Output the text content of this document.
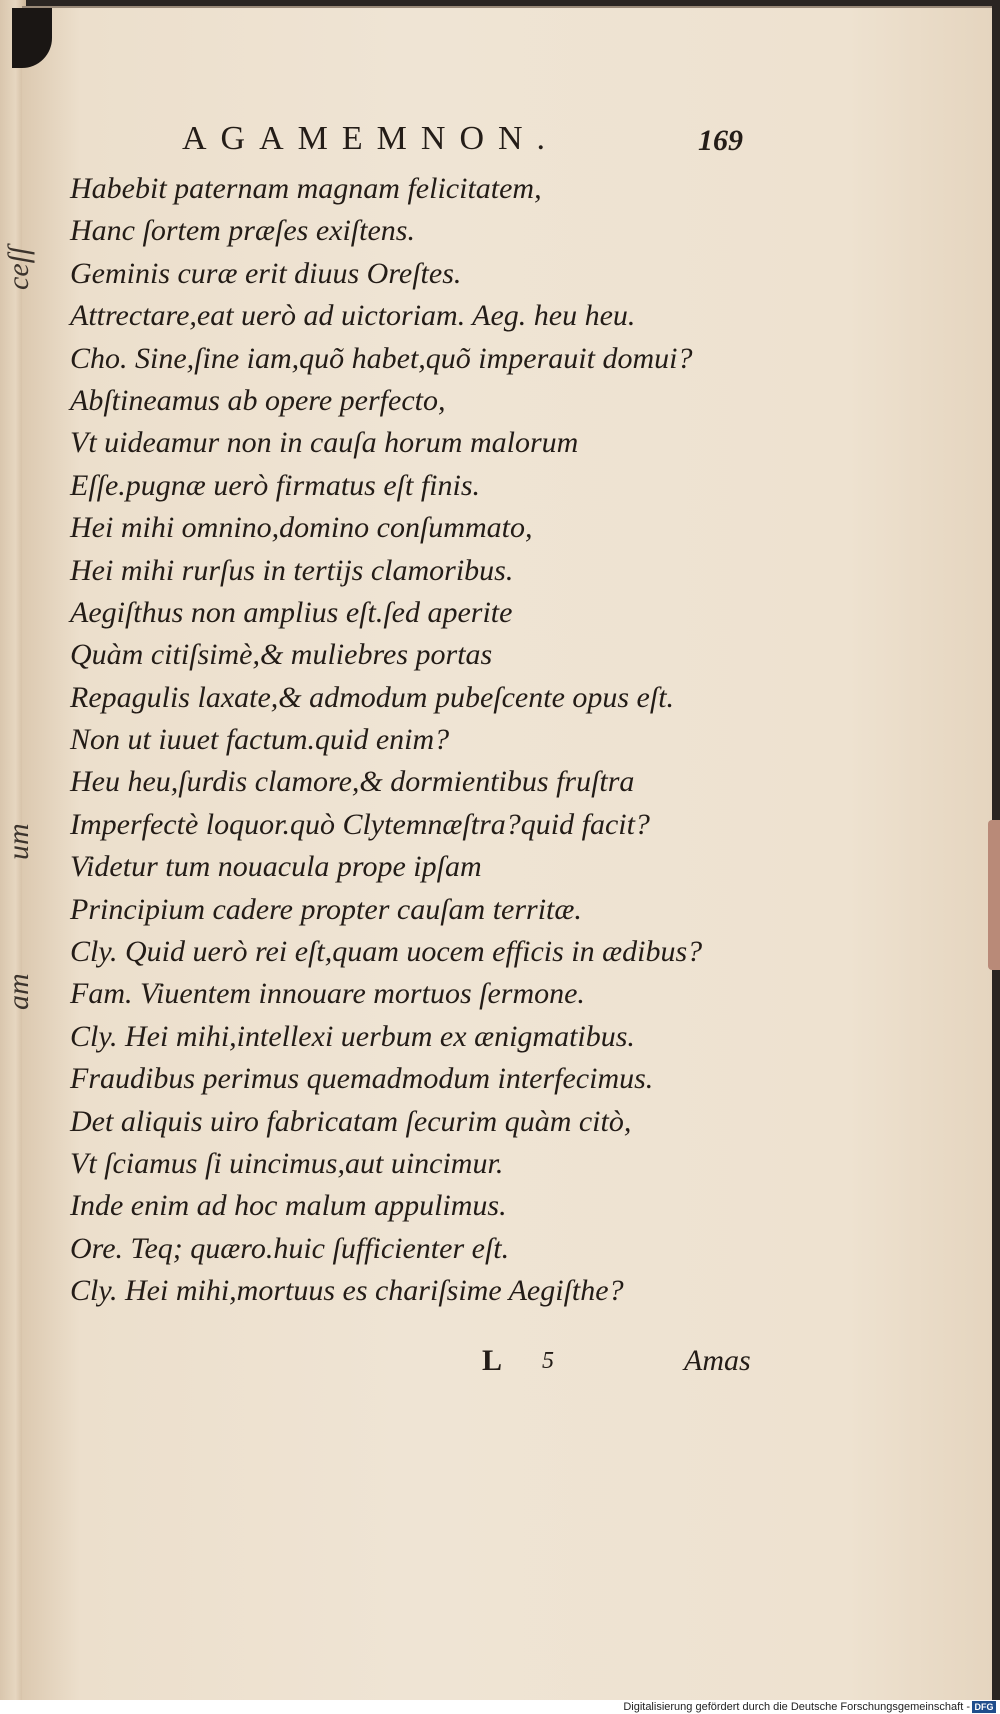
AGAMEMNON.	169
Habebit paternam magnam felicitatem,
Hanc ſortem præſes exiſtens.
Geminis curæ erit diuus Oreſtes.
Attrectare,eat uerò ad uictoriam. Aeg. heu heu.
Cho. Sine,ſine iam,quõ habet,quõ imperauit domui?
Abſtineamus ab opere perfecto,
Vt uideamur non in cauſa horum malorum
Eſſe.pugnæ uerò firmatus eſt finis.
Hei mihi omnino,domino conſummato,
Hei mihi rurſus in tertijs clamoribus.
Aegiſthus non amplius eſt.ſed aperite
Quàm citiſsimè,& muliebres portas
Repagulis laxate,& admodum pubeſcente opus eſt.
Non ut iuuet factum.quid enim?
Heu heu,ſurdis clamore,& dormientibus fruſtra
Imperfectè loquor.quò Clytemnæſtra?quid facit?
Videtur tum nouacula prope ipſam
Principium cadere propter cauſam territæ.
Cly. Quid uerò rei eſt,quam uocem efficis in ædibus?
Fam. Viuentem innouare mortuos ſermone.
Cly. Hei mihi,intellexi uerbum ex ænigmatibus.
Fraudibus perimus quemadmodum interfecimus.
Det aliquis uiro fabricatam ſecurim quàm citò,
Vt ſciamus ſi uincimus,aut uincimur.
Inde enim ad hoc malum appulimus.
Ore. Teq; quæro.huic ſufficienter eſt.
Cly. Hei mihi,mortuus es chariſsime Aegiſthe?
L 5	Amas
ceſſ
um
am
Digitalisierung gefördert durch die Deutsche Forschungsgemeinschaft - DFG
